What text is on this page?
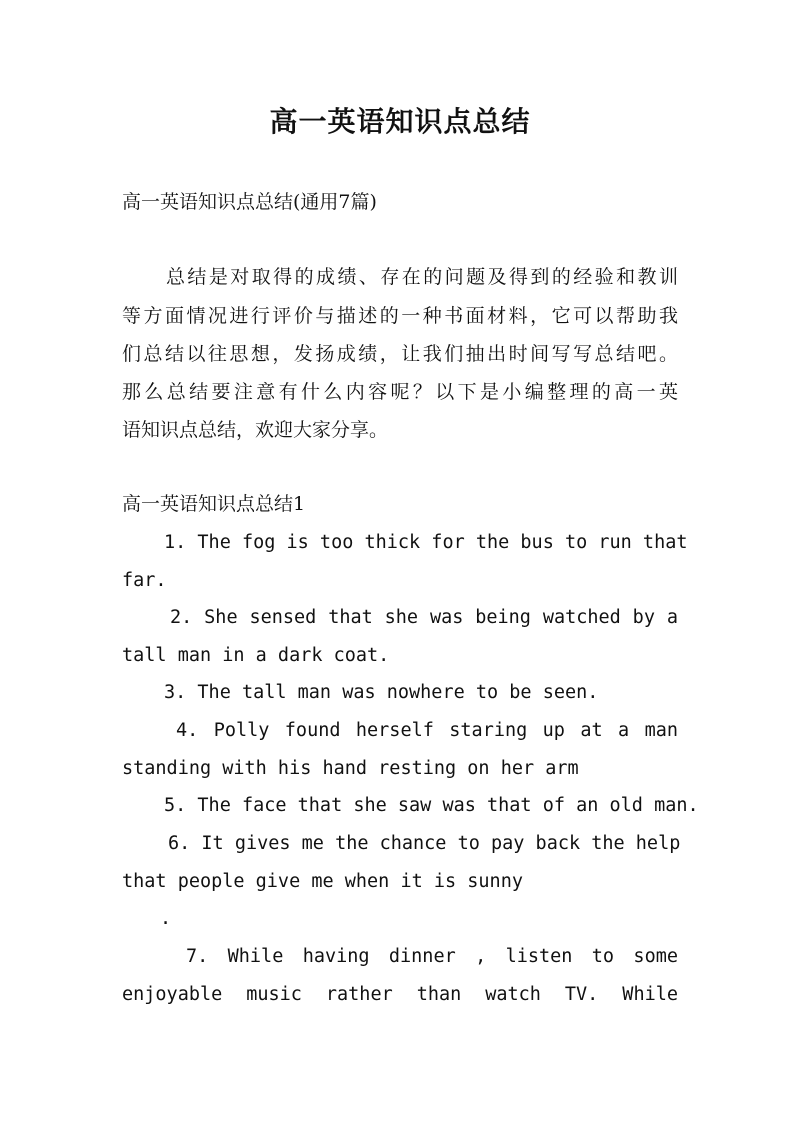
高一英语知识点总结

高一英语知识点总结(通用7篇)

总结是对取得的成绩、存在的问题及得到的经验和教训

等方面情况进行评价与描述的一种书面材料，它可以帮助我

们总结以往思想，发扬成绩，让我们抽出时间写写总结吧。

那么总结要注意有什么内容呢？以下是小编整理的高一英

语知识点总结，欢迎大家分享。

高一英语知识点总结1

1. The fog is too thick for the bus to run that

far.

2. She sensed that she was being watched by a

tall man in a dark coat.

3. The tall man was nowhere to be seen.

4. Polly found herself staring up at a man

standing with his hand resting on her arm

5. The face that she saw was that of an old man.

6. It gives me the chance to pay back the help

that people give me when it is sunny

.

7. While having dinner , listen to some

enjoyable music rather than watch TV. While
